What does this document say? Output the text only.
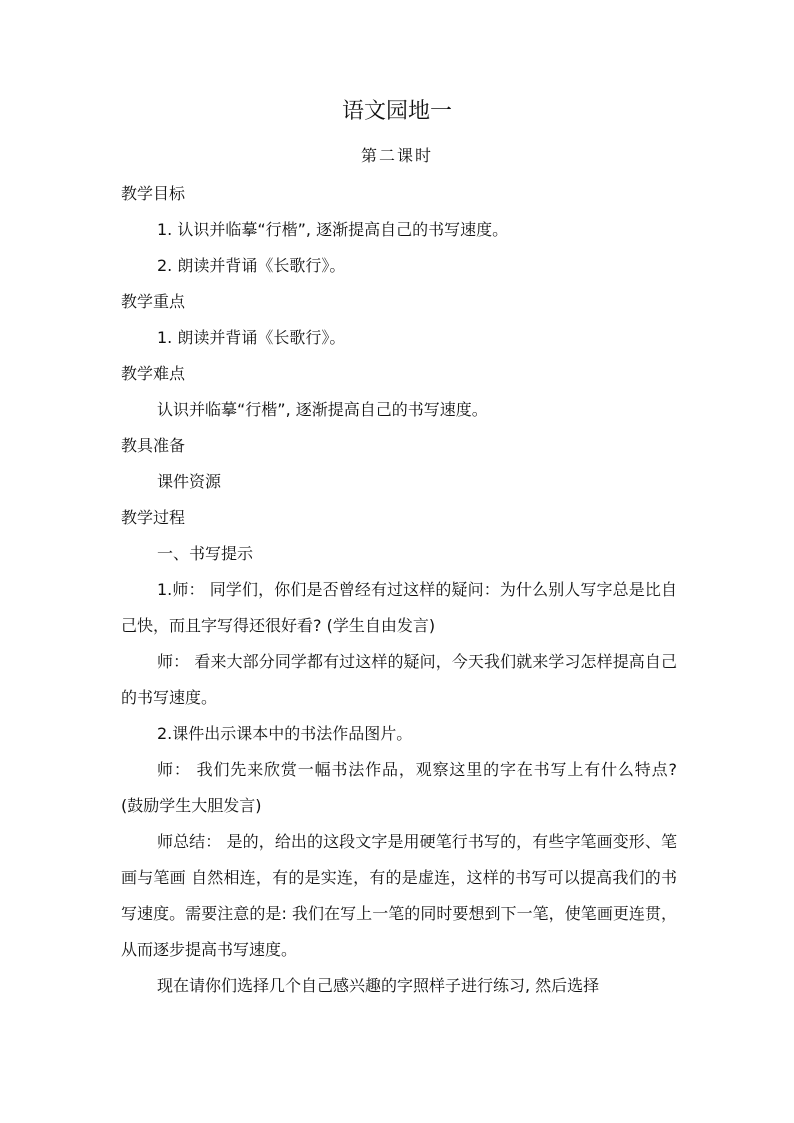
语文园地一
第二课时
教学目标
1. 认识并临摹“行楷”, 逐渐提高自己的书写速度。
2. 朗读并背诵《长歌行》。
教学重点
1. 朗读并背诵《长歌行》。
教学难点
认识并临摹“行楷”, 逐渐提高自己的书写速度。
教具准备
课件资源
教学过程
一、书写提示
1.师： 同学们，你们是否曾经有过这样的疑问：为什么别人写字总是比自己快，而且字写得还很好看? (学生自由发言)
师： 看来大部分同学都有过这样的疑问，今天我们就来学习怎样提高自己的书写速度。
2.课件出示课本中的书法作品图片。
师： 我们先来欣赏一幅书法作品，观察这里的字在书写上有什么特点? (鼓励学生大胆发言)
师总结： 是的，给出的这段文字是用硬笔行书写的，有些字笔画变形、笔画与笔画 自然相连，有的是实连，有的是虚连，这样的书写可以提高我们的书写速度。需要注意的是: 我们在写上一笔的同时要想到下一笔，使笔画更连贯，从而逐步提高书写速度。
现在请你们选择几个自己感兴趣的字照样子进行练习, 然后选择
